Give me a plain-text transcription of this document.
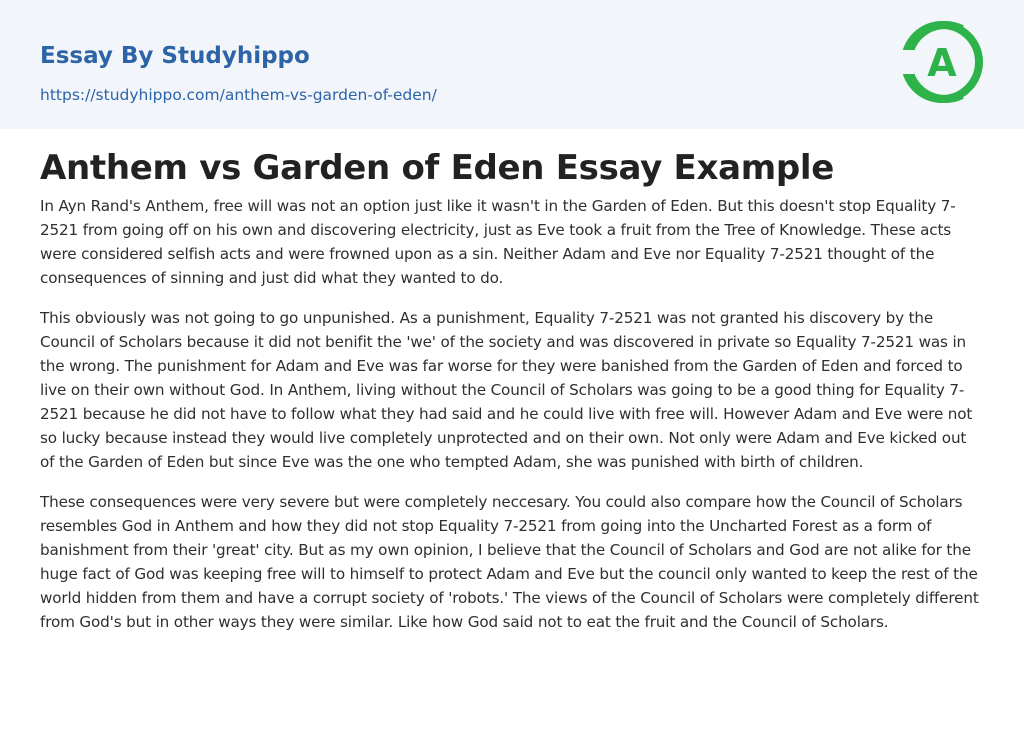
Essay By Studyhippo
https://studyhippo.com/anthem-vs-garden-of-eden/
A
Anthem vs Garden of Eden Essay Example

In Ayn Rand's Anthem, free will was not an option just like it wasn't in the Garden of Eden. But this doesn't stop Equality 7-2521 from going off on his own and discovering electricity, just as Eve took a fruit from the Tree of Knowledge. These acts were considered selfish acts and were frowned upon as a sin. Neither Adam and Eve nor Equality 7-2521 thought of the consequences of sinning and just did what they wanted to do.

This obviously was not going to go unpunished. As a punishment, Equality 7-2521 was not granted his discovery by the Council of Scholars because it did not benifit the 'we' of the society and was discovered in private so Equality 7-2521 was in the wrong. The punishment for Adam and Eve was far worse for they were banished from the Garden of Eden and forced to live on their own without God. In Anthem, living without the Council of Scholars was going to be a good thing for Equality 7-2521 because he did not have to follow what they had said and he could live with free will. However Adam and Eve were not so lucky because instead they would live completely unprotected and on their own. Not only were Adam and Eve kicked out of the Garden of Eden but since Eve was the one who tempted Adam, she was punished with birth of children.

These consequences were very severe but were completely neccesary. You could also compare how the Council of Scholars resembles God in Anthem and how they did not stop Equality 7-2521 from going into the Uncharted Forest as a form of banishment from their 'great' city. But as my own opinion, I believe that the Council of Scholars and God are not alike for the huge fact of God was keeping free will to himself to protect Adam and Eve but the council only wanted to keep the rest of the world hidden from them and have a corrupt society of 'robots.' The views of the Council of Scholars were completely different from God's but in other ways they were similar. Like how God said not to eat the fruit and the Council of Scholars.
